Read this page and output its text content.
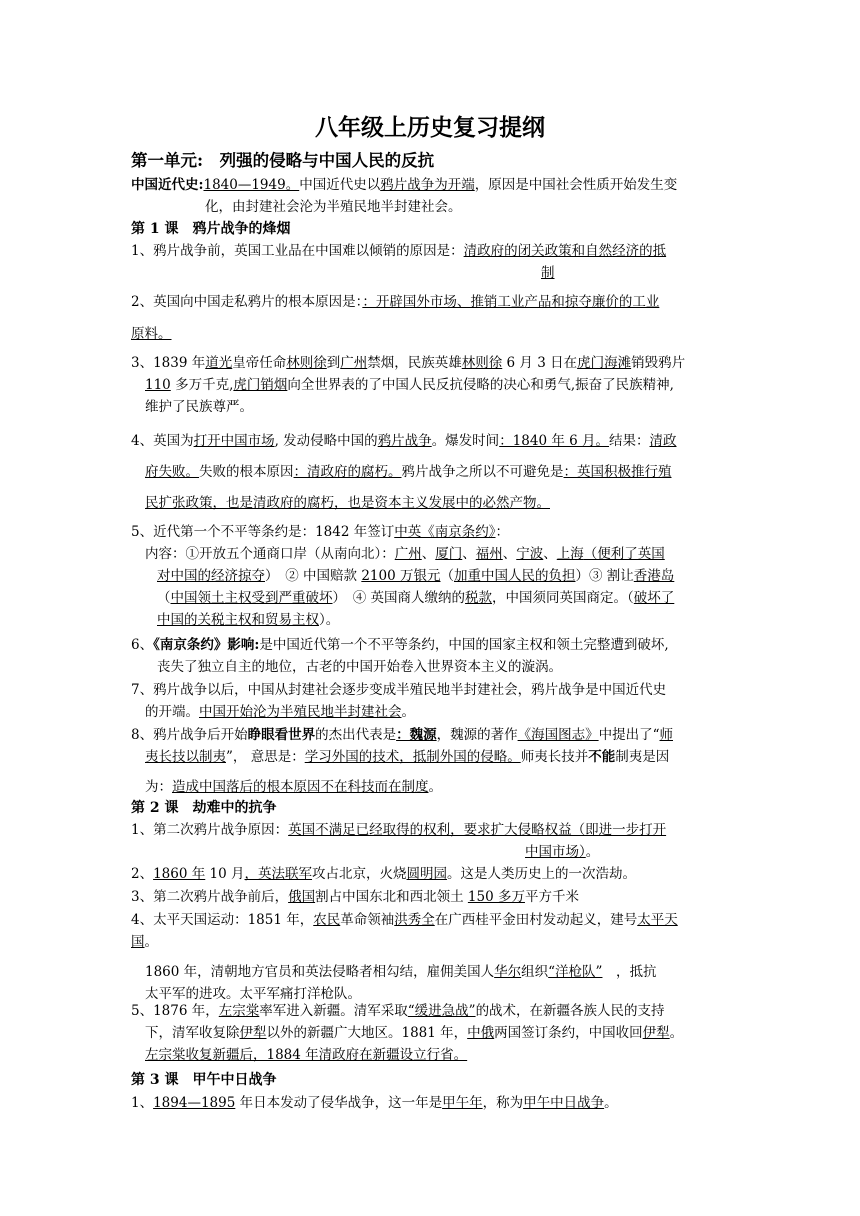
八年级上历史复习提纲
第一单元:　列强的侵略与中国人民的反抗
中国近代史:1840—1949。中国近代史以鸦片战争为开端，原因是中国社会性质开始发生变
化，由封建社会沦为半殖民地半封建社会。
第 1 课　鸦片战争的烽烟
1、鸦片战争前，英国工业品在中国难以倾销的原因是：清政府的闭关政策和自然经济的抵
制
2、英国向中国走私鸦片的根本原因是：：开辟国外市场、推销工业产品和掠夺廉价的工业
原料。
3、1839 年道光皇帝任命林则徐到广州禁烟，民族英雄林则徐 6 月 3 日在虎门海滩销毁鸦片
110 多万千克,虎门销烟向全世界表的了中国人民反抗侵略的决心和勇气,振奋了民族精神,
维护了民族尊严。
4、英国为打开中国市场, 发动侵略中国的鸦片战争。爆发时间：1840 年 6 月。结果：清政
府失败。失败的根本原因：清政府的腐朽。鸦片战争之所以不可避免是：英国积极推行殖
民扩张政策，也是清政府的腐朽，也是资本主义发展中的必然产物。
5、近代第一个不平等条约是：1842 年签订中英《南京条约》：
内容：①开放五个通商口岸（从南向北）：广州、厦门、福州、宁波、上海（便利了英国
对中国的经济掠夺）　② 中国赔款 2100 万银元（加重中国人民的负担）③ 割让香港岛
（中国领土主权受到严重破坏）　④ 英国商人缴纳的税款，中国须同英国商定。（破坏了
中国的关税主权和贸易主权）。
6、《南京条约》影响:是中国近代第一个不平等条约，中国的国家主权和领土完整遭到破坏,
丧失了独立自主的地位，古老的中国开始卷入世界资本主义的漩涡。
7、鸦片战争以后，中国从封建社会逐步变成半殖民地半封建社会，鸦片战争是中国近代史
的开端。中国开始沦为半殖民地半封建社会。
8、鸦片战争后开始睁眼看世界的杰出代表是：魏源，魏源的著作《海国图志》中提出了“师
夷长技以制夷”， 意思是：学习外国的技术，抵制外国的侵略。师夷长技并不能制夷是因
为：造成中国落后的根本原因不在科技而在制度。
第 2 课　劫难中的抗争
1、第二次鸦片战争原因：英国不满足已经取得的权利，要求扩大侵略权益（即进一步打开
中国市场）。
2、1860 年 10 月，英法联军攻占北京，火烧圆明园。这是人类历史上的一次浩劫。
3、第二次鸦片战争前后，俄国割占中国东北和西北领土 150 多万平方千米
4、太平天国运动：1851 年，农民革命领袖洪秀全在广西桂平金田村发动起义，建号太平天
国。
1860 年，清朝地方官员和英法侵略者相勾结，雇佣美国人华尔组织“洋枪队”　，抵抗
太平军的进攻。太平军痛打洋枪队。
5、1876 年，左宗棠率军进入新疆。清军采取“缓进急战”的战术，在新疆各族人民的支持
下，清军收复除伊犁以外的新疆广大地区。1881 年，中俄两国签订条约，中国收回伊犁。
左宗棠收复新疆后，1884 年清政府在新疆设立行省。
第 3 课　甲午中日战争
1、1894—1895 年日本发动了侵华战争，这一年是甲午年，称为甲午中日战争。
